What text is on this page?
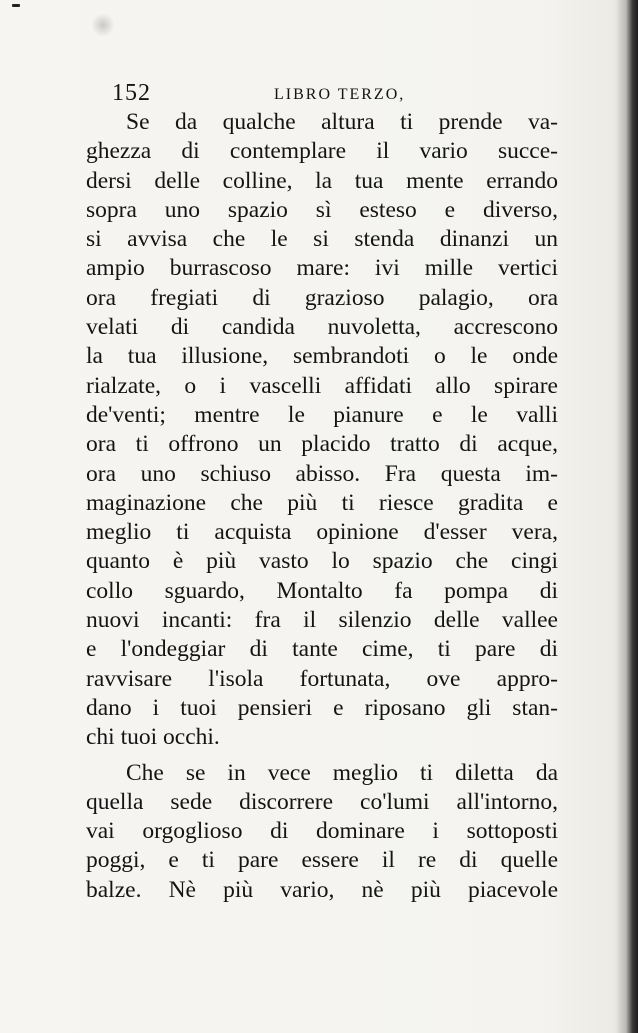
152	LIBRO TERZO,
Se da qualche altura ti prende va-
ghezza di contemplare il vario succe-
dersi delle colline, la tua mente errando
sopra uno spazio sì esteso e diverso,
si avvisa che le si stenda dinanzi un
ampio burrascoso mare: ivi mille vertici
ora fregiati di grazioso palagio, ora
velati di candida nuvoletta, accrescono
la tua illusione, sembrandoti o le onde
rialzate, o i vascelli affidati allo spirare
de'venti; mentre le pianure e le valli
ora ti offrono un placido tratto di acque,
ora uno schiuso abisso. Fra questa im-
maginazione che più ti riesce gradita e
meglio ti acquista opinione d'esser vera,
quanto è più vasto lo spazio che cingi
collo sguardo, Montalto fa pompa di
nuovi incanti: fra il silenzio delle vallee
e l'ondeggiar di tante cime, ti pare di
ravvisare l'isola fortunata, ove appro-
dano i tuoi pensieri e riposano gli stan-
chi tuoi occhi.
Che se in vece meglio ti diletta da
quella sede discorrere co'lumi all'intorno,
vai orgoglioso di dominare i sottoposti
poggi, e ti pare essere il re di quelle
balze. Nè più vario, nè più piacevole
